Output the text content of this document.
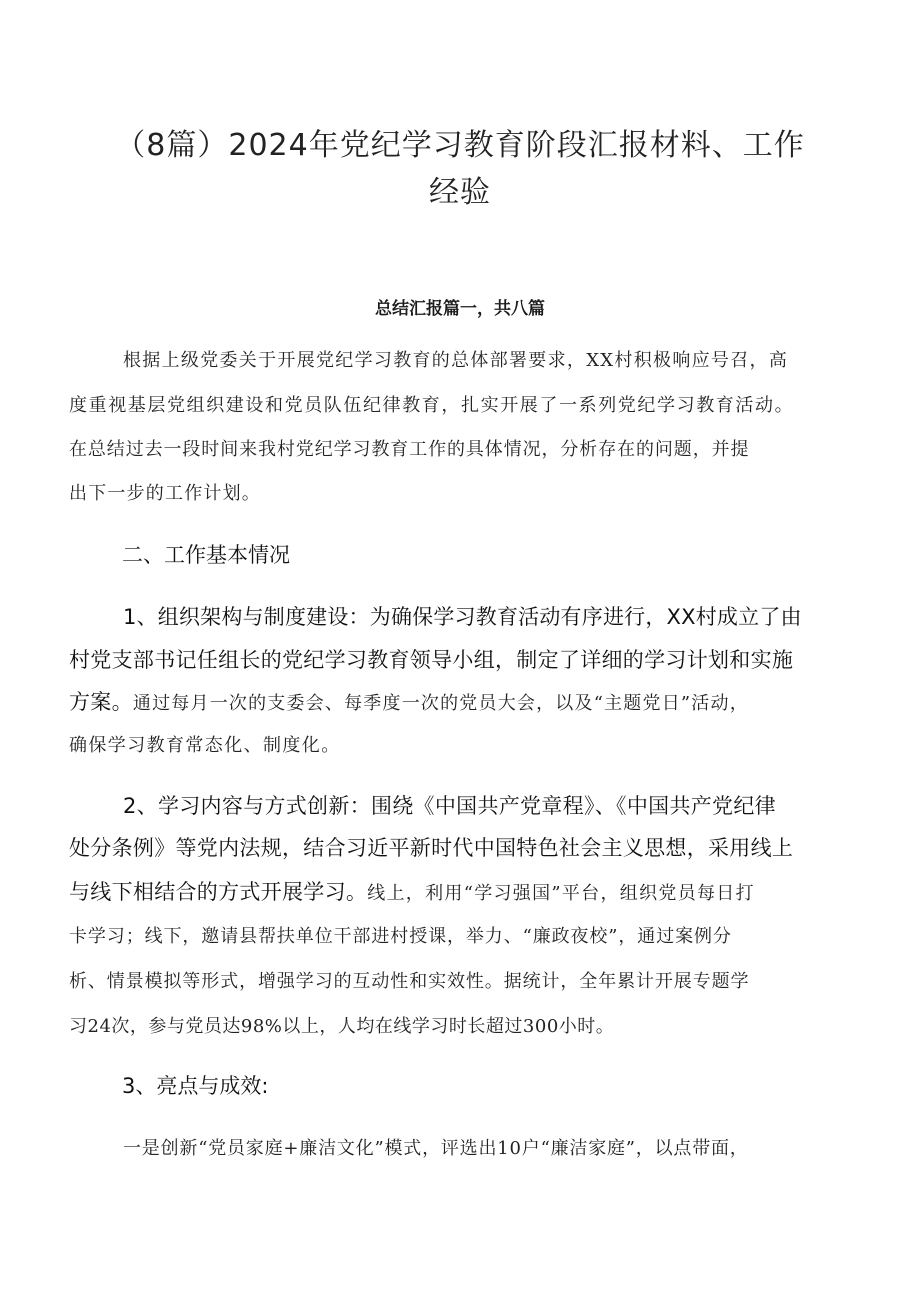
（8篇）2024年党纪学习教育阶段汇报材料、工作
经验
总结汇报篇一，共八篇
根据上级党委关于开展党纪学习教育的总体部署要求，XX村积极响应号召，高
度重视基层党组织建设和党员队伍纪律教育，扎实开展了一系列党纪学习教育活动。
在总结过去一段时间来我村党纪学习教育工作的具体情况，分析存在的问题，并提
出下一步的工作计划。
二、工作基本情况
1、组织架构与制度建设：为确保学习教育活动有序进行，XX村成立了由
村党支部书记任组长的党纪学习教育领导小组，制定了详细的学习计划和实施
方案。通过每月一次的支委会、每季度一次的党员大会，以及“主题党日”活动，
确保学习教育常态化、制度化。
2、学习内容与方式创新：围绕《中国共产党章程》、《中国共产党纪律
处分条例》等党内法规，结合习近平新时代中国特色社会主义思想，采用线上
与线下相结合的方式开展学习。线上，利用“学习强国”平台，组织党员每日打
卡学习；线下，邀请县帮扶单位干部进村授课，举力、“廉政夜校”，通过案例分
析、情景模拟等形式，增强学习的互动性和实效性。据统计，全年累计开展专题学
习24次，参与党员达98%以上，人均在线学习时长超过300小时。
3、亮点与成效:
一是创新“党员家庭+廉洁文化”模式，评选出10户“廉洁家庭”，以点带面，
